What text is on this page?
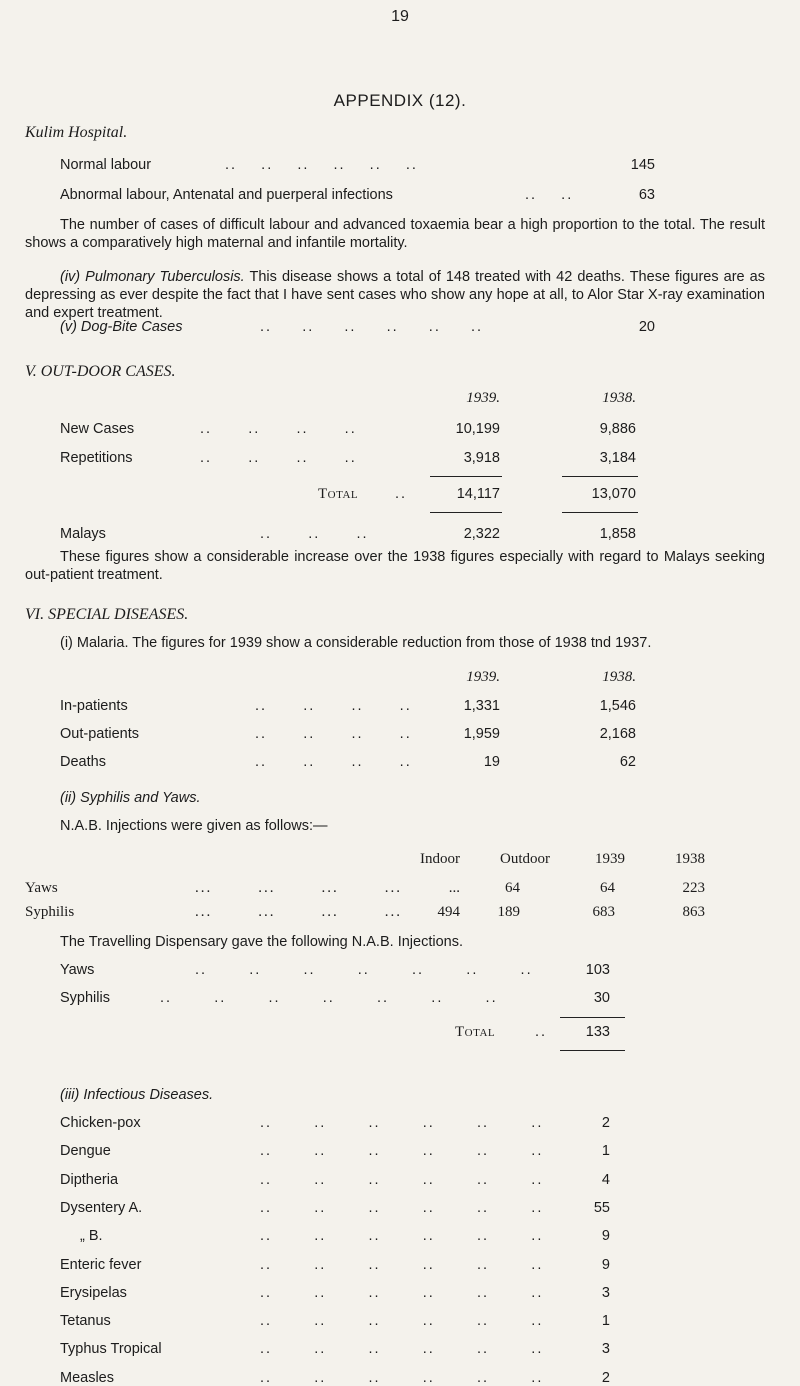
19
APPENDIX (12).
Kulim Hospital.
Normal labour	..    ..    ..    ..    ..    ..	145
Abnormal labour, Antenatal and puerperal infections	..    ..	63
The number of cases of difficult labour and advanced toxaemia bear a high proportion to the total. The result shows a comparatively high maternal and infantile mortality.
(iv) Pulmonary Tuberculosis. This disease shows a total of 148 treated with 42 deaths. These figures are as depressing as ever despite the fact that I have sent cases who show any hope at all, to Alor Star X-ray examination and expert treatment.
(v) Dog-Bite Cases	..     ..     ..     ..     ..     ..	20
V. OUT-DOOR CASES.
1939.	1938.
New Cases	..      ..      ..      ..	10,199	9,886
Repetitions	..      ..      ..      ..	3,918	3,184
Total	..	14,117	13,070
Malays	..      ..      ..	2,322	1,858
These figures show a considerable increase over the 1938 figures especially with regard to Malays seeking out-patient treatment.
VI. SPECIAL DISEASES.
(i) Malaria. The figures for 1939 show a considerable reduction from those of 1938 tnd 1937.
1939.	1938.
In-patients	..      ..      ..      ..	1,331	1,546
Out-patients	..      ..      ..      ..	1,959	2,168
Deaths	..      ..      ..      ..	19	62
(ii) Syphilis and Yaws.
N.A.B. Injections were given as follows:—
Indoor	Outdoor	1939	1938
Yaws	...        ...        ...        ...	...	64	64	223
Syphilis	...        ...        ...        ...	494	189	683	863
The Travelling Dispensary gave the following N.A.B. Injections.
Yaws	..       ..       ..       ..       ..       ..       ..	103
Syphilis	..       ..       ..       ..       ..       ..       ..	30
Total	..	133
(iii) Infectious Diseases.
Chicken-pox	..       ..       ..       ..       ..       ..	2
Dengue	..       ..       ..       ..       ..       ..	1
Diptheria	..       ..       ..       ..       ..       ..	4
Dysentery A.	..       ..       ..       ..       ..       ..	55
„ B.	..       ..       ..       ..       ..       ..	9
Enteric fever	..       ..       ..       ..       ..       ..	9
Erysipelas	..       ..       ..       ..       ..       ..	3
Tetanus	..       ..       ..       ..       ..       ..	1
Typhus Tropical	..       ..       ..       ..       ..       ..	3
Measles	..       ..       ..       ..       ..       ..	2
